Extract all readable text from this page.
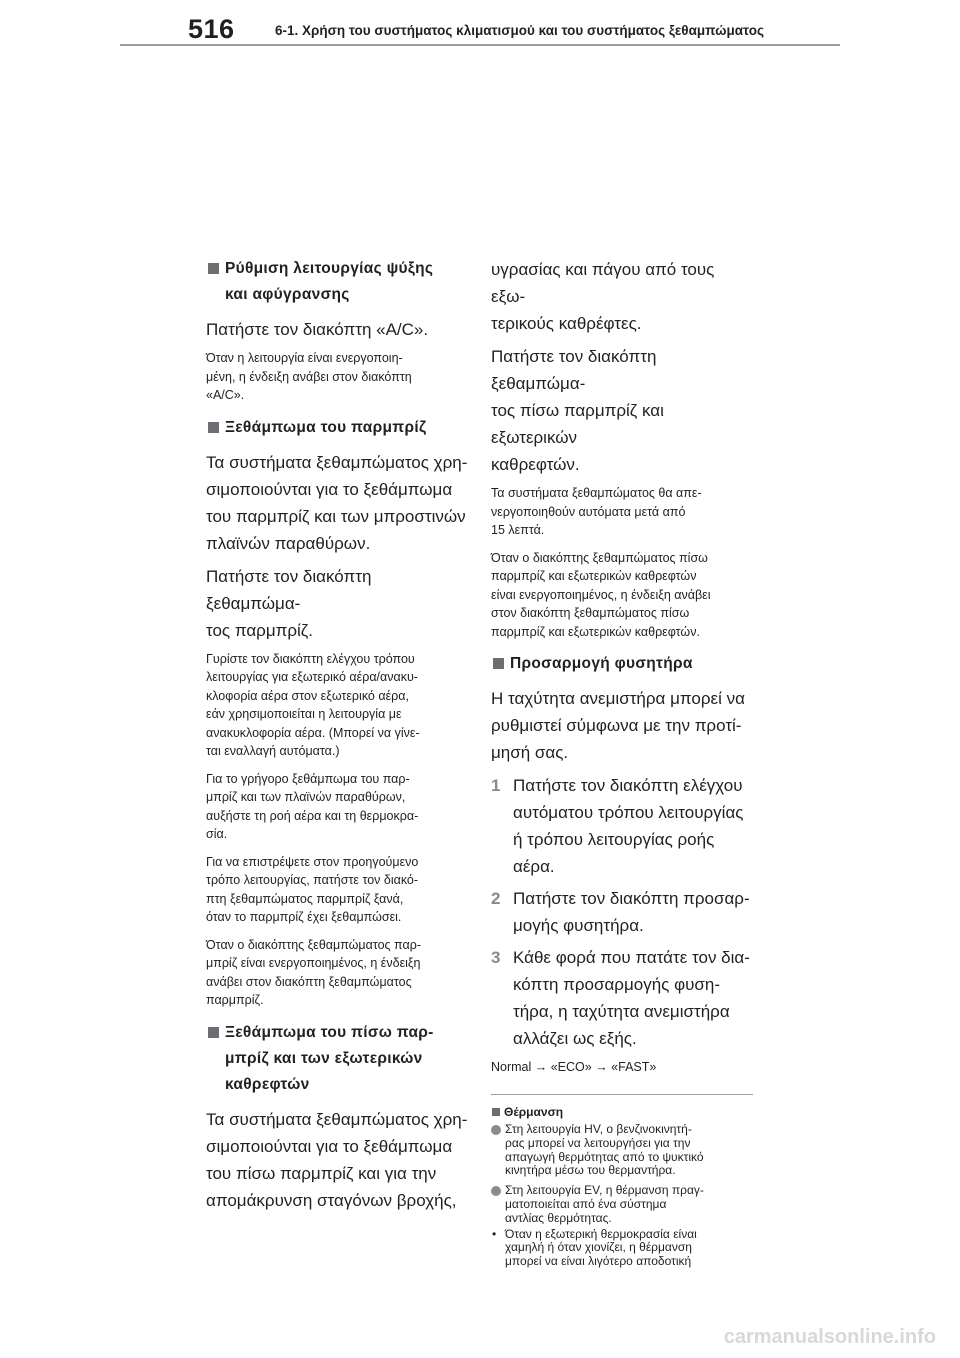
516	6-1. Χρήση του συστήματος κλιματισμού και του συστήματος ξεθαμπώματος
Ρύθμιση λειτουργίας ψύξης
και αφύγρανσης
Πατήστε τον διακόπτη «A/C».
Όταν η λειτουργία είναι ενεργοποιη-
μένη, η ένδειξη ανάβει στον διακόπτη
«A/C».
Ξεθάμπωμα του παρμπρίζ
Τα συστήματα ξεθαμπώματος χρη-
σιμοποιούνται για το ξεθάμπωμα
του παρμπρίζ και των μπροστινών
πλαϊνών παραθύρων.
Πατήστε τον διακόπτη ξεθαμπώμα-
τος παρμπρίζ.
Γυρίστε τον διακόπτη ελέγχου τρόπου
λειτουργίας για εξωτερικό αέρα/ανακυ-
κλοφορία αέρα στον εξωτερικό αέρα,
εάν χρησιμοποιείται η λειτουργία με
ανακυκλοφορία αέρα. (Μπορεί να γίνε-
ται εναλλαγή αυτόματα.)
Για το γρήγορο ξεθάμπωμα του παρ-
μπρίζ και των πλαϊνών παραθύρων,
αυξήστε τη ροή αέρα και τη θερμοκρα-
σία.
Για να επιστρέψετε στον προηγούμενο
τρόπο λειτουργίας, πατήστε τον διακό-
πτη ξεθαμπώματος παρμπρίζ ξανά,
όταν το παρμπρίζ έχει ξεθαμπώσει.
Όταν ο διακόπτης ξεθαμπώματος παρ-
μπρίζ είναι ενεργοποιημένος, η ένδειξη
ανάβει στον διακόπτη ξεθαμπώματος
παρμπρίζ.
Ξεθάμπωμα του πίσω παρ-
μπρίζ και των εξωτερικών
καθρεφτών
Τα συστήματα ξεθαμπώματος χρη-
σιμοποιούνται για το ξεθάμπωμα
του πίσω παρμπρίζ και για την
απομάκρυνση σταγόνων βροχής,
υγρασίας και πάγου από τους εξω-
τερικούς καθρέφτες.
Πατήστε τον διακόπτη ξεθαμπώμα-
τος πίσω παρμπρίζ και εξωτερικών
καθρεφτών.
Τα συστήματα ξεθαμπώματος θα απε-
νεργοποιηθούν αυτόματα μετά από
15 λεπτά.
Όταν ο διακόπτης ξεθαμπώματος πίσω
παρμπρίζ και εξωτερικών καθρεφτών
είναι ενεργοποιημένος, η ένδειξη ανάβει
στον διακόπτη ξεθαμπώματος πίσω
παρμπρίζ και εξωτερικών καθρεφτών.
Προσαρμογή φυσητήρα
Η ταχύτητα ανεμιστήρα μπορεί να
ρυθμιστεί σύμφωνα με την προτί-
μησή σας.
1 Πατήστε τον διακόπτη ελέγχου
αυτόματου τρόπου λειτουργίας
ή τρόπου λειτουργίας ροής
αέρα.
2 Πατήστε τον διακόπτη προσαρ-
μογής φυσητήρα.
3 Κάθε φορά που πατάτε τον δια-
κόπτη προσαρμογής φυση-
τήρα, η ταχύτητα ανεμιστήρα
αλλάζει ως εξής.
Normal → «ECO» → «FAST»
Θέρμανση
Στη λειτουργία HV, ο βενζινοκινητή-
ρας μπορεί να λειτουργήσει για την
απαγωγή θερμότητας από το ψυκτικό
κινητήρα μέσω του θερμαντήρα.
Στη λειτουργία EV, η θέρμανση πραγ-
ματοποιείται από ένα σύστημα
αντλίας θερμότητας.
• Όταν η εξωτερική θερμοκρασία είναι
χαμηλή ή όταν χιονίζει, η θέρμανση
μπορεί να είναι λιγότερο αποδοτική
carmanualsonline.info
